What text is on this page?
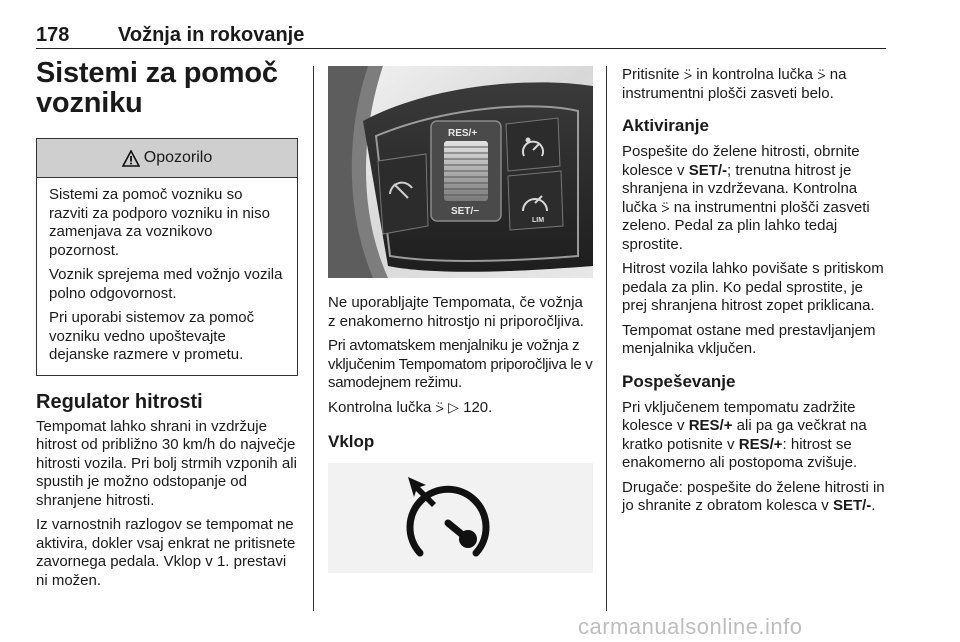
178 Vožnja in rokovanje
Sistemi za pomoč
vozniku
Opozorilo

Sistemi za pomoč vozniku so razviti za podporo vozniku in niso zamenjava za voznikovo pozornost.

Voznik sprejema med vožnjo vozila polno odgovornost.

Pri uporabi sistemov za pomoč vozniku vedno upoštevajte dejanske razmere v prometu.

Regulator hitrosti

Tempomat lahko shrani in vzdržuje hitrost od približno 30 km/h do največje hitrosti vozila. Pri bolj strmih vzponih ali spustih je možno odstopanje od shranjene hitrosti.

Iz varnostnih razlogov se tempomat ne aktivira, dokler vsaj enkrat ne pritisnete zavornega pedala. Vklop v 1. prestavi ni možen.

RES/+
SET/−
LIM

Ne uporabljajte Tempomata, če vožnja z enakomerno hitrostjo ni priporočljiva.

Pri avtomatskem menjalniku je vožnja z vključenim Tempomatom priporočljiva le v samodejnem režimu.

Kontrolna lučka ⍩ ▷ 120.

Vklop

Pritisnite ⍩ in kontrolna lučka ⍩ na instrumentni plošči zasveti belo.

Aktiviranje

Pospešite do želene hitrosti, obrnite kolesce v SET/-; trenutna hitrost je shranjena in vzdrževana. Kontrolna lučka ⍩ na instrumentni plošči zasveti zeleno. Pedal za plin lahko tedaj sprostite.

Hitrost vozila lahko povišate s pritiskom pedala za plin. Ko pedal sprostite, je prej shranjena hitrost zopet priklicana.

Tempomat ostane med prestavljanjem menjalnika vključen.

Pospeševanje

Pri vključenem tempomatu zadržite kolesce v RES/+ ali pa ga večkrat na kratko potisnite v RES/+: hitrost se enakomerno ali postopoma zvišuje.

Drugače: pospešite do želene hitrosti in jo shranite z obratom kolesca v SET/-.

carmanualsonline.info
